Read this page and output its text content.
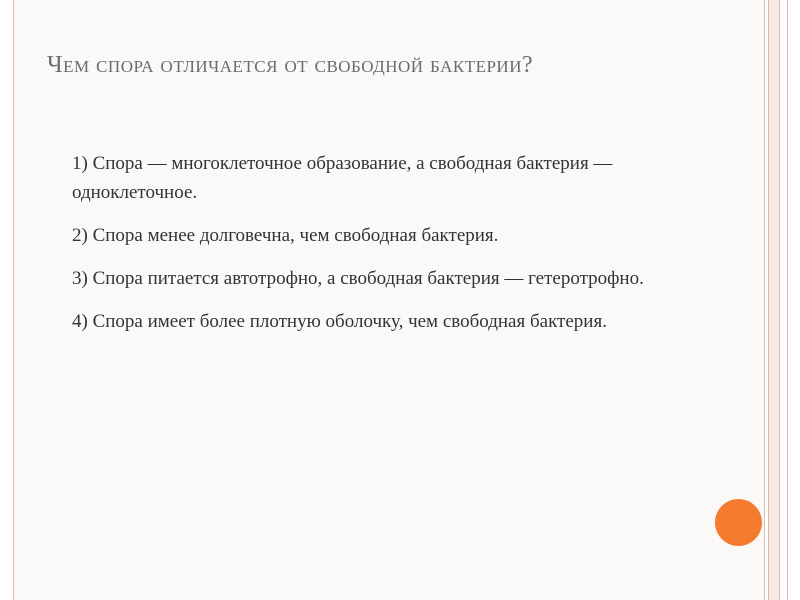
Чем спора отличается от свободной бактерии?
1) Спора — многоклеточное образование, а свободная бактерия — одноклеточное.
2) Спора менее долговечна, чем свободная бактерия.
3) Спора питается автотрофно, а свободная бактерия — гетеротрофно.
4) Спора имеет более плотную оболочку, чем свободная бактерия.
